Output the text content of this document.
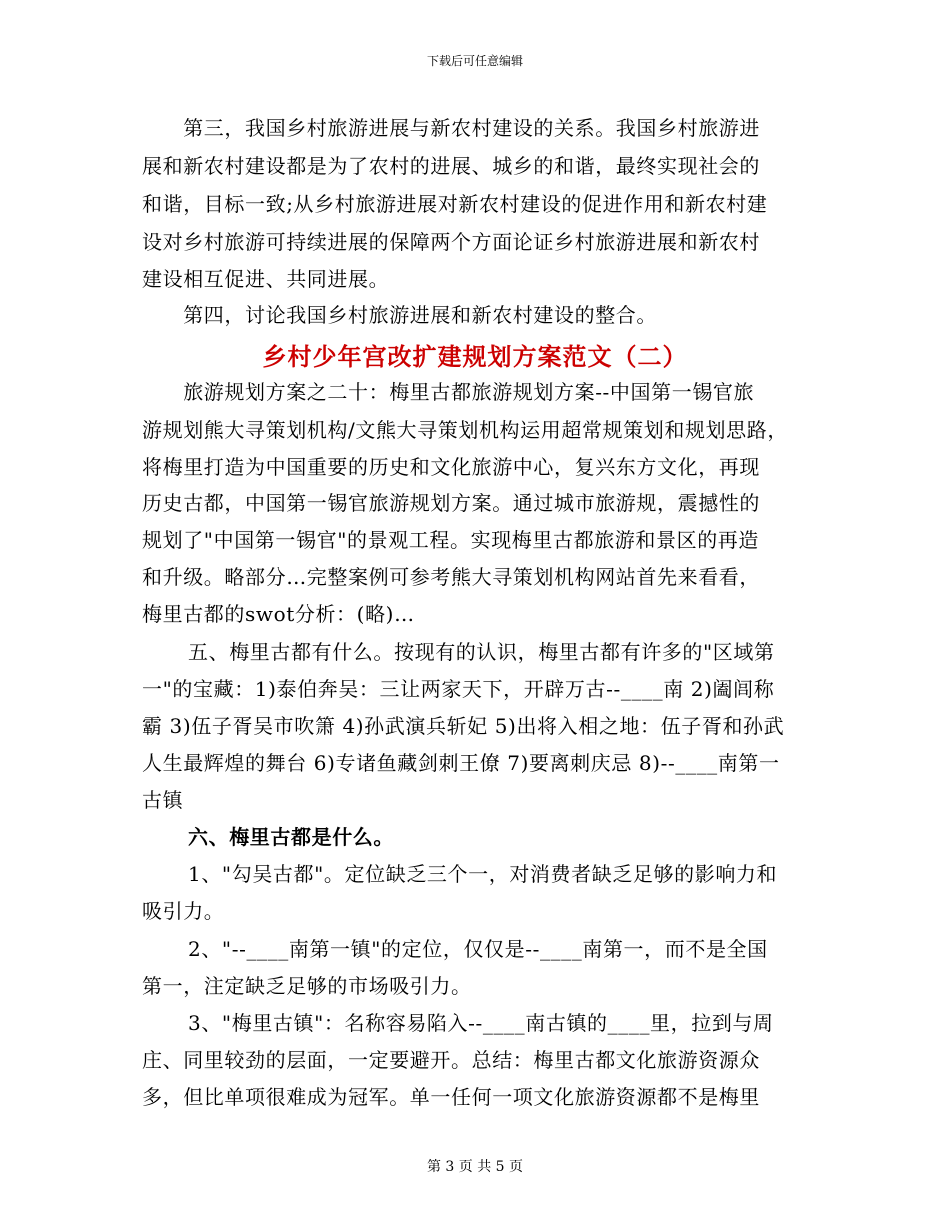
下载后可任意编辑
　　第三，我国乡村旅游进展与新农村建设的关系。我国乡村旅游进
展和新农村建设都是为了农村的进展、城乡的和谐，最终实现社会的
和谐，目标一致;从乡村旅游进展对新农村建设的促进作用和新农村建
设对乡村旅游可持续进展的保障两个方面论证乡村旅游进展和新农村
建设相互促进、共同进展。
　　第四，讨论我国乡村旅游进展和新农村建设的整合。
乡村少年宫改扩建规划方案范文（二）
　　旅游规划方案之二十：梅里古都旅游规划方案--中国第一锡官旅
游规划熊大寻策划机构/文熊大寻策划机构运用超常规策划和规划思路，
将梅里打造为中国重要的历史和文化旅游中心，复兴东方文化，再现
历史古都，中国第一锡官旅游规划方案。通过城市旅游规，震撼性的
规划了"中国第一锡官"的景观工程。实现梅里古都旅游和景区的再造
和升级。略部分…完整案例可参考熊大寻策划机构网站首先来看看，
梅里古都的swot分析：(略)…
五、梅里古都有什么。按现有的认识，梅里古都有许多的"区域第
一"的宝藏：1)泰伯奔吴：三让两家天下，开辟万古--____南 2)阖闾称
霸 3)伍子胥吴市吹箫 4)孙武演兵斩妃 5)出将入相之地：伍子胥和孙武
人生最辉煌的舞台 6)专诸鱼藏剑刺王僚 7)要离刺庆忌 8)--____南第一
古镇
六、梅里古都是什么。
1、"勾吴古都"。定位缺乏三个一，对消费者缺乏足够的影响力和
吸引力。
2、"--____南第一镇"的定位，仅仅是--____南第一，而不是全国
第一，注定缺乏足够的市场吸引力。
3、"梅里古镇"：名称容易陷入--____南古镇的____里，拉到与周
庄、同里较劲的层面，一定要避开。总结：梅里古都文化旅游资源众
多，但比单项很难成为冠军。单一任何一项文化旅游资源都不是梅里
第 3 页 共 5 页
